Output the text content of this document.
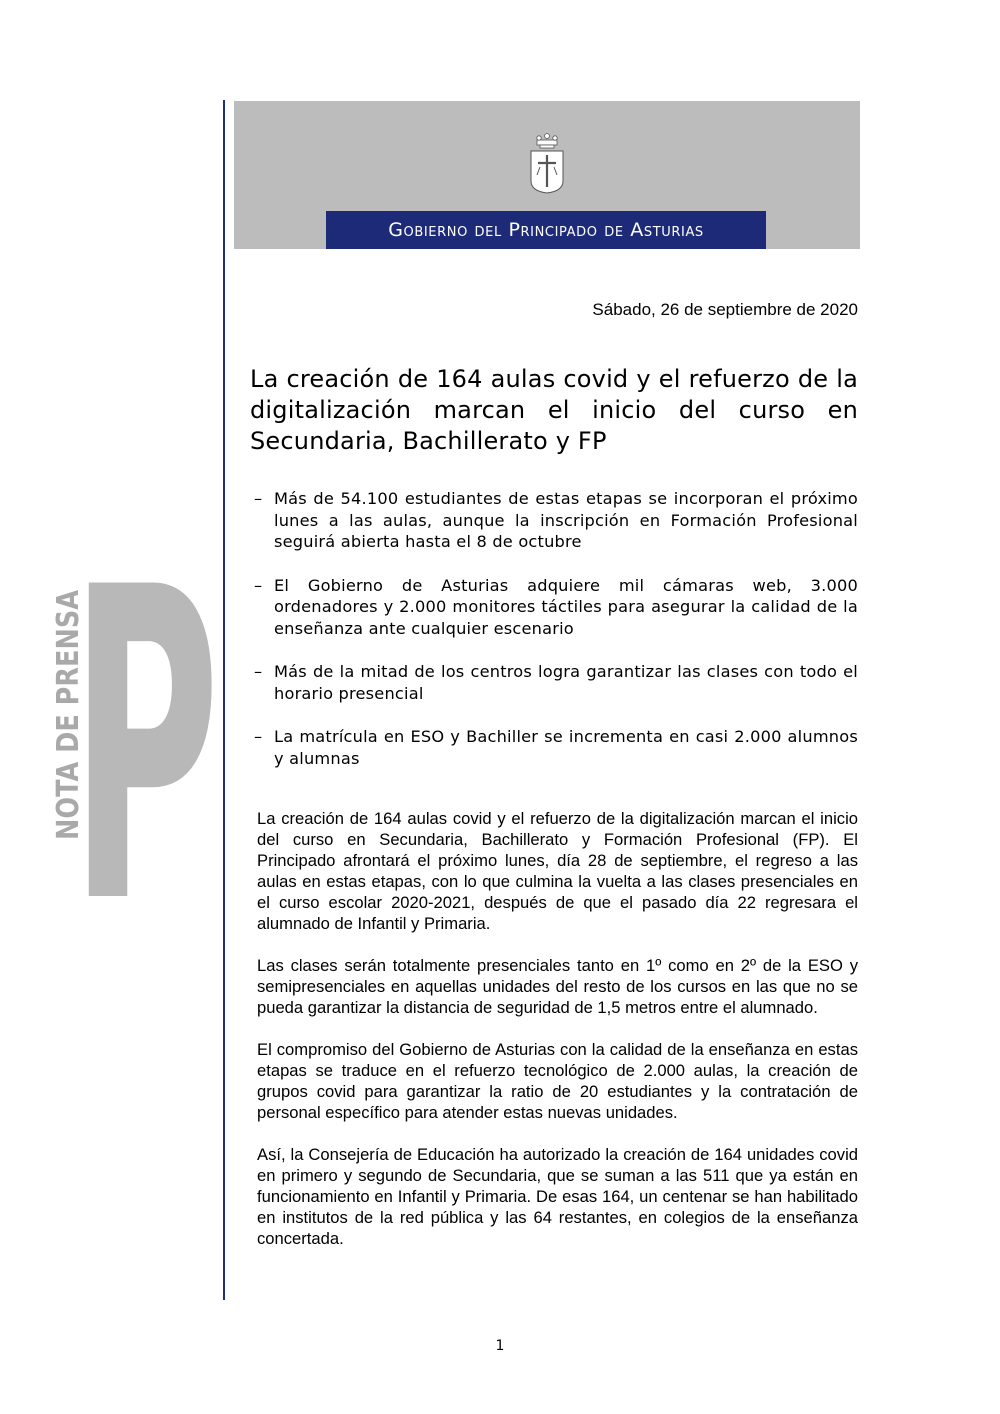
Gobierno del Principado de Asturias
P
NOTA DE PRENSA
Sábado, 26 de septiembre de 2020
La creación de 164 aulas covid y el refuerzo de la digitalización marcan el inicio del curso en Secundaria, Bachillerato y FP
– Más de 54.100 estudiantes de estas etapas se incorporan el próximo lunes a las aulas, aunque la inscripción en Formación Profesional seguirá abierta hasta el 8 de octubre
– El Gobierno de Asturias adquiere mil cámaras web, 3.000 ordenadores y 2.000 monitores táctiles para asegurar la calidad de la enseñanza ante cualquier escenario
– Más de la mitad de los centros logra garantizar las clases con todo el horario presencial
– La matrícula en ESO y Bachiller se incrementa en casi 2.000 alumnos y alumnas

La creación de 164 aulas covid y el refuerzo de la digitalización marcan el inicio del curso en Secundaria, Bachillerato y Formación Profesional (FP). El Principado afrontará el próximo lunes, día 28 de septiembre, el regreso a las aulas en estas etapas, con lo que culmina la vuelta a las clases presenciales en el curso escolar 2020-2021, después de que el pasado día 22 regresara el alumnado de Infantil y Primaria.

Las clases serán totalmente presenciales tanto en 1º como en 2º de la ESO y semipresenciales en aquellas unidades del resto de los cursos en las que no se pueda garantizar la distancia de seguridad de 1,5 metros entre el alumnado.

El compromiso del Gobierno de Asturias con la calidad de la enseñanza en estas etapas se traduce en el refuerzo tecnológico de 2.000 aulas, la creación de grupos covid para garantizar la ratio de 20 estudiantes y la contratación de personal específico para atender estas nuevas unidades.

Así, la Consejería de Educación ha autorizado la creación de 164 unidades covid en primero y segundo de Secundaria, que se suman a las 511 que ya están en funcionamiento en Infantil y Primaria. De esas 164, un centenar se han habilitado en institutos de la red pública y las 64 restantes, en colegios de la enseñanza concertada.

1
